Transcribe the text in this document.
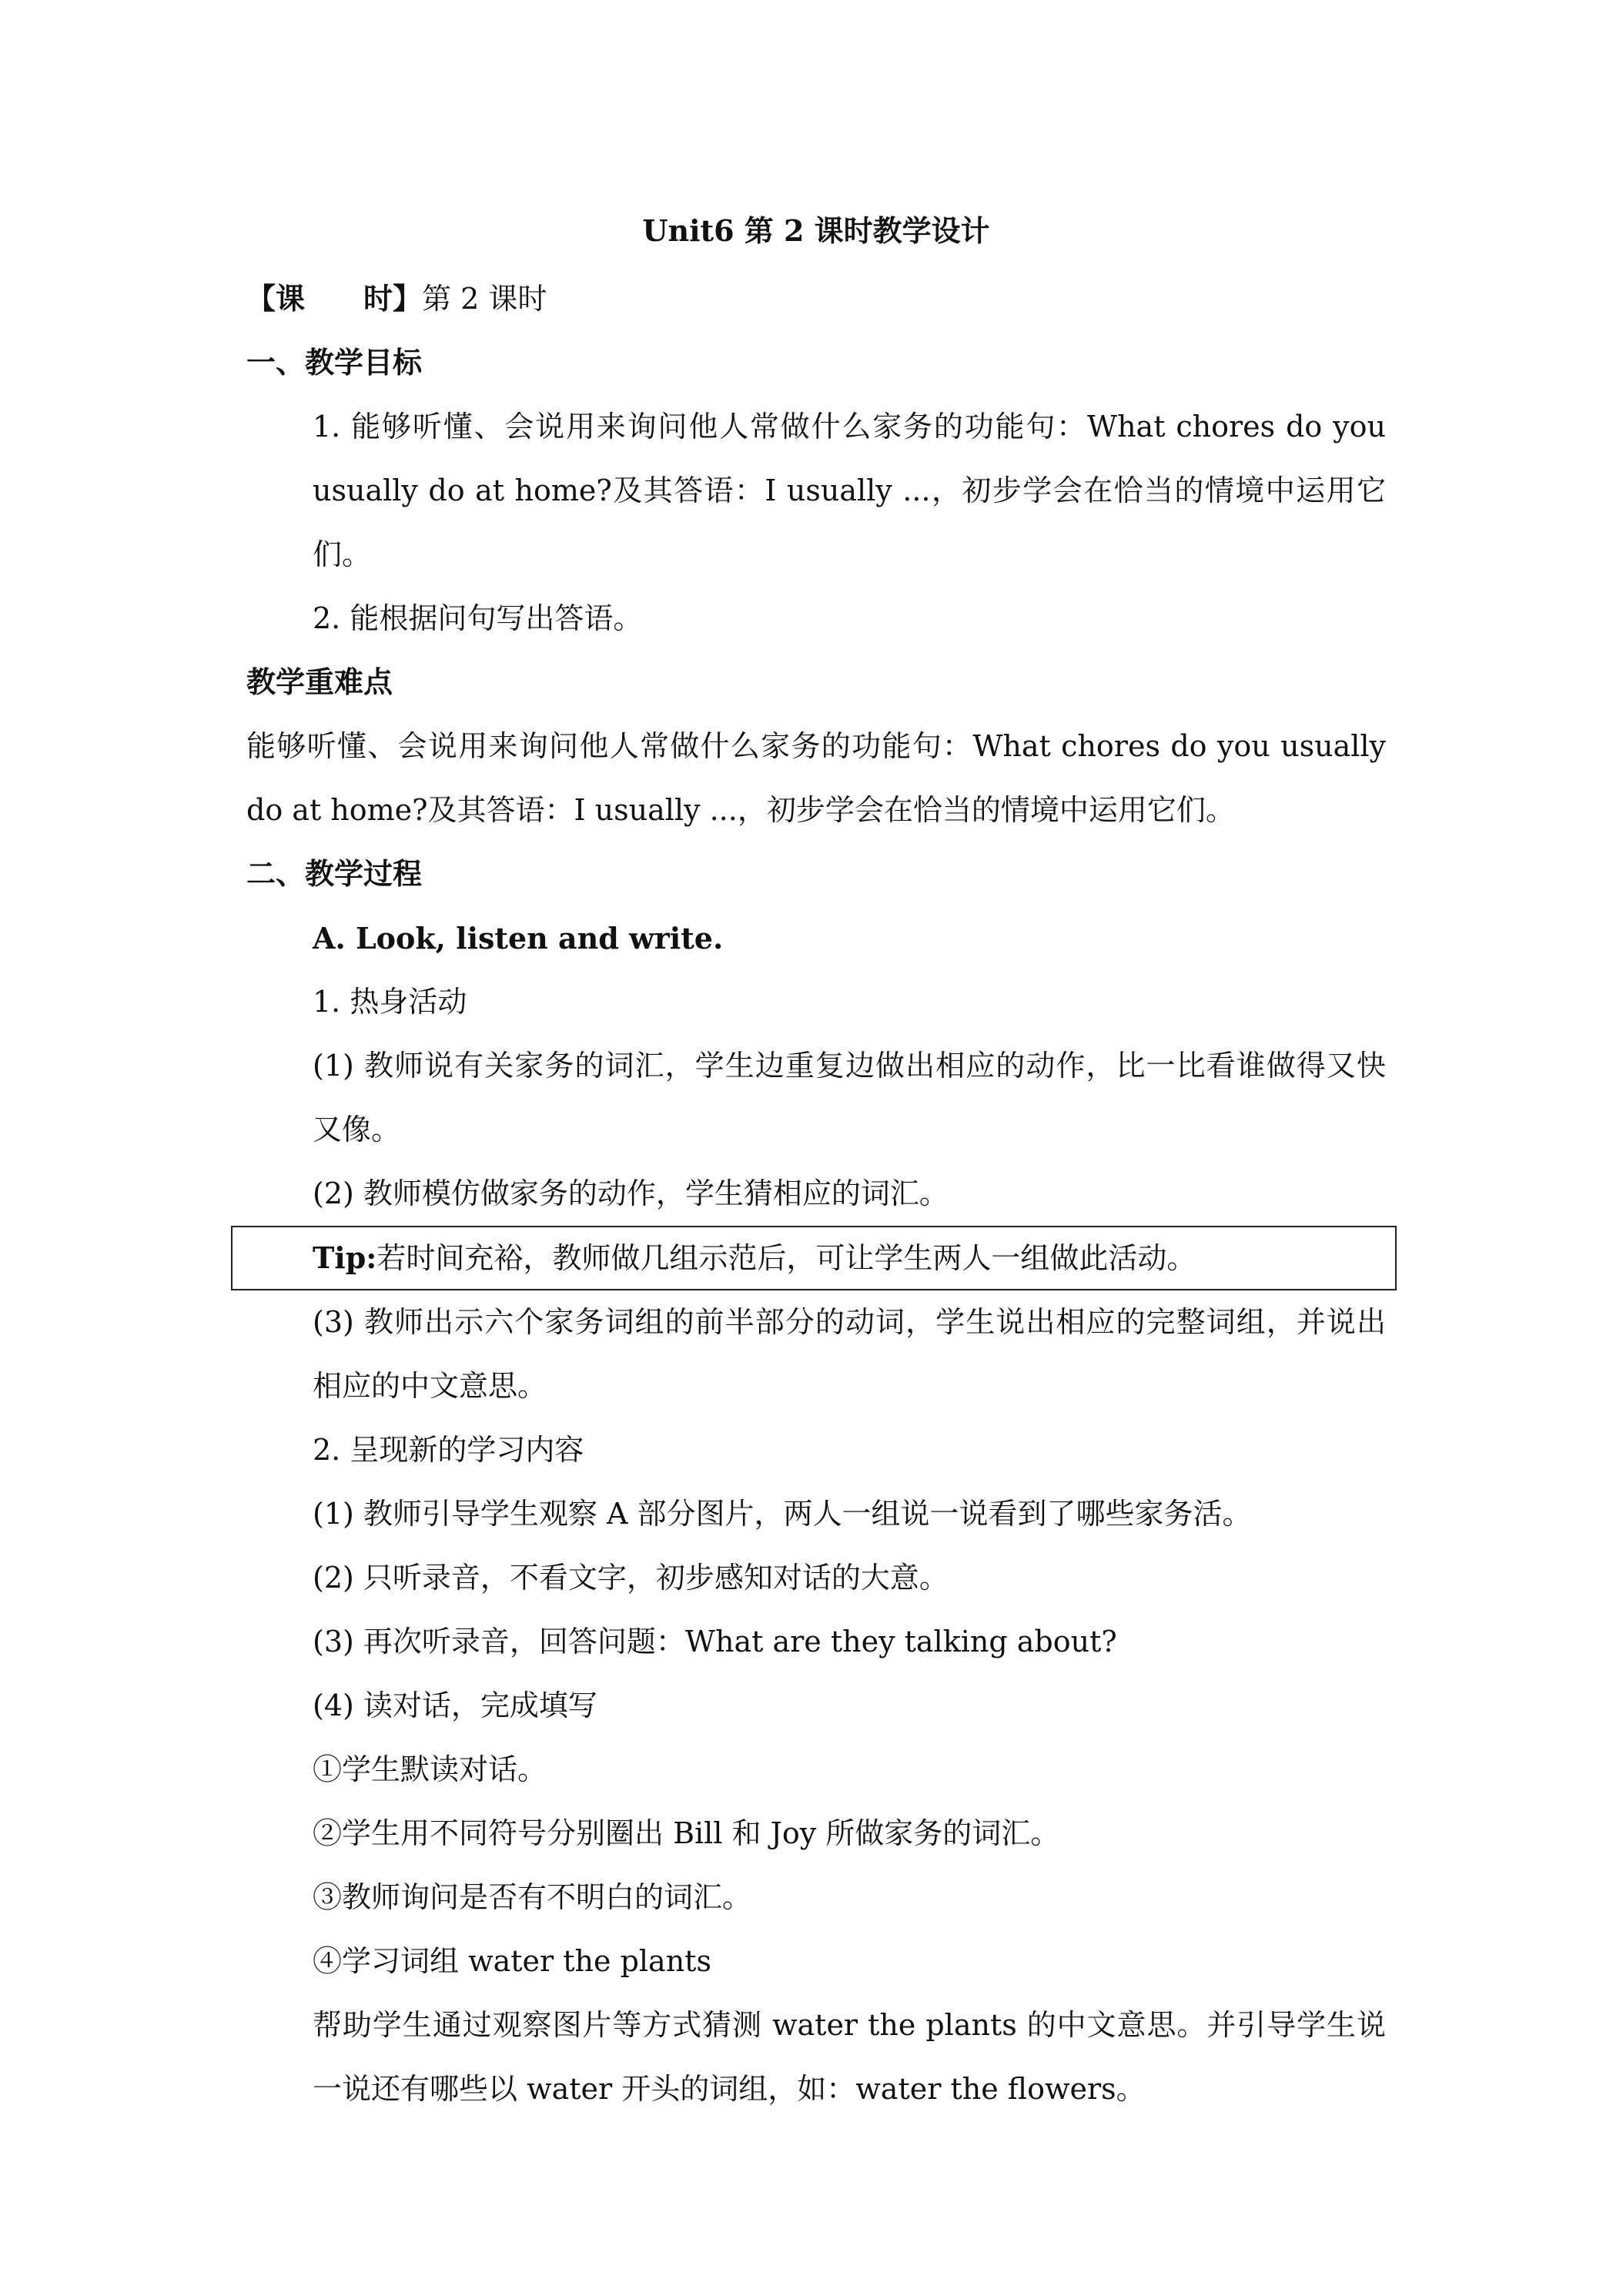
Unit6 第 2 课时教学设计

【课　　时】第 2 课时

一、教学目标

1. 能够听懂、会说用来询问他人常做什么家务的功能句：What chores do you usually do at home?及其答语：I usually ...，初步学会在恰当的情境中运用它们。

2. 能根据问句写出答语。

教学重难点

能够听懂、会说用来询问他人常做什么家务的功能句：What chores do you usually do at home?及其答语：I usually ...，初步学会在恰当的情境中运用它们。

二、教学过程

A. Look, listen and write.

1. 热身活动

(1) 教师说有关家务的词汇，学生边重复边做出相应的动作，比一比看谁做得又快又像。

(2) 教师模仿做家务的动作，学生猜相应的词汇。

Tip:若时间充裕，教师做几组示范后，可让学生两人一组做此活动。

(3) 教师出示六个家务词组的前半部分的动词，学生说出相应的完整词组，并说出相应的中文意思。

2. 呈现新的学习内容

(1) 教师引导学生观察 A 部分图片，两人一组说一说看到了哪些家务活。

(2) 只听录音，不看文字，初步感知对话的大意。

(3) 再次听录音，回答问题：What are they talking about?

(4) 读对话，完成填写

①学生默读对话。

②学生用不同符号分别圈出 Bill 和 Joy 所做家务的词汇。

③教师询问是否有不明白的词汇。

④学习词组 water the plants

帮助学生通过观察图片等方式猜测 water the plants 的中文意思。并引导学生说一说还有哪些以 water 开头的词组，如：water the flowers。
